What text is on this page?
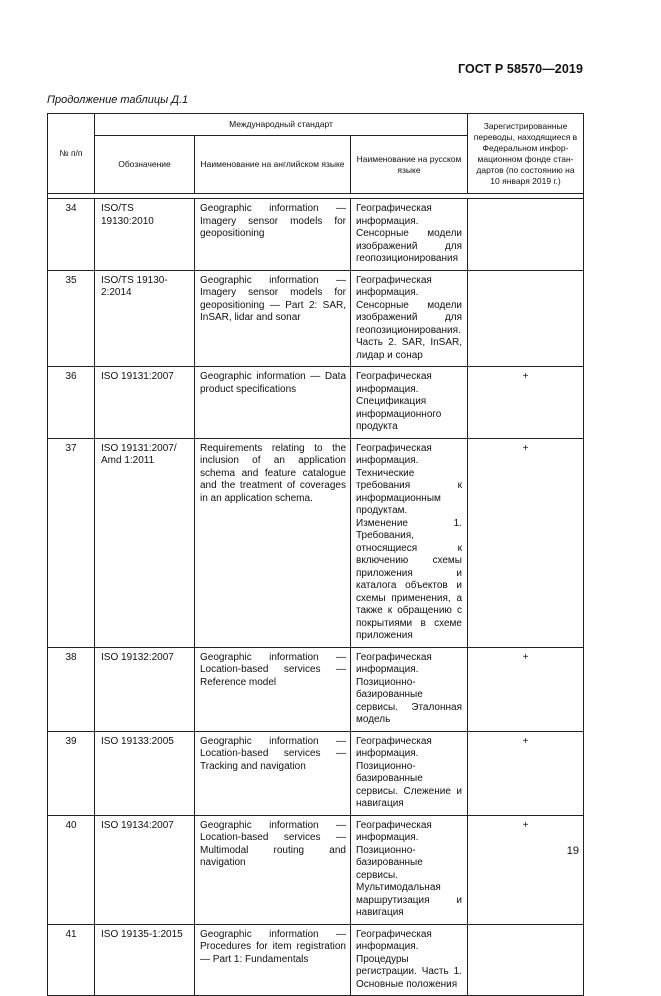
ГОСТ Р 58570—2019
Продолжение таблицы Д.1
№ п/п	Международный стандарт			Зарегистрированные переводы, находящиеся в Федеральном инфор-мационном фонде стан-дартов (по состоянию на 10 января 2019 г.)
	Обозначение	Наименование на английском языке	Наименование на русском языке	

34	ISO/TS 19130:2010	Geographic information — Imagery sensor models for geopositioning	Географическая информация. Сенсорные модели изображений для геопозиционирования	
35	ISO/TS 19130-2:2014	Geographic information — Imagery sensor models for geopositioning — Part 2: SAR, InSAR, lidar and sonar	Географическая информация. Сенсорные модели изображений для геопозиционирования. Часть 2. SAR, InSAR, лидар и сонар	
36	ISO 19131:2007	Geographic information — Data product specifications	Географическая информация. Спецификация информационного продукта	+
37	ISO 19131:2007/ Amd 1:2011	Requirements relating to the inclusion of an application schema and feature catalogue and the treatment of coverages in an application schema.	Географическая информация. Технические требования к информационным продуктам. Изменение 1. Требования, относящиеся к включению схемы приложения и каталога объектов и схемы применения, а также к обращению с покрытиями в схеме приложения	+
38	ISO 19132:2007	Geographic information — Location-based services — Reference model	Географическая информация. Позиционно-базированные сервисы. Эталонная модель	+
39	ISO 19133:2005	Geographic information — Location-based services — Tracking and navigation	Географическая информация. Позиционно-базированные сервисы. Слежение и навигация	+
40	ISO 19134:2007	Geographic information — Location-based services — Multimodal routing and navigation	Географическая информация. Позиционно-базированные сервисы. Мультимодальная маршрутизация и навигация	+
41	ISO 19135-1:2015	Geographic information — Procedures for item registration — Part 1: Fundamentals	Географическая информация. Процедуры регистрации. Часть 1. Основные положения	
19
